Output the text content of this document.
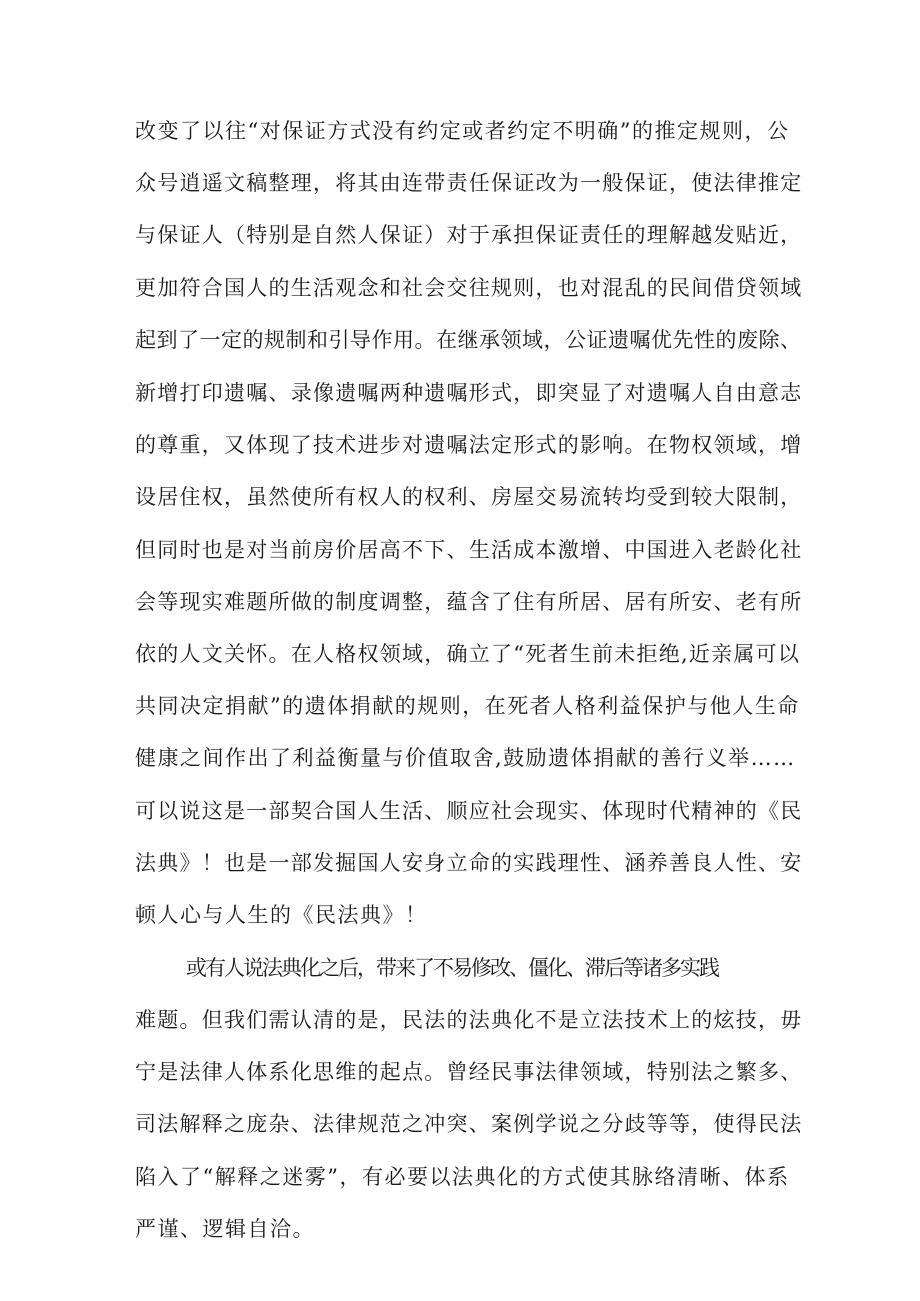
改变了以往“对保证方式没有约定或者约定不明确”的推定规则，公
众号逍遥文稿整理，将其由连带责任保证改为一般保证，使法律推定
与保证人（特别是自然人保证）对于承担保证责任的理解越发贴近，
更加符合国人的生活观念和社会交往规则，也对混乱的民间借贷领域
起到了一定的规制和引导作用。在继承领域，公证遗嘱优先性的废除、
新增打印遗嘱、录像遗嘱两种遗嘱形式，即突显了对遗嘱人自由意志
的尊重，又体现了技术进步对遗嘱法定形式的影响。在物权领域，增
设居住权，虽然使所有权人的权利、房屋交易流转均受到较大限制，
但同时也是对当前房价居高不下、生活成本激增、中国进入老龄化社
会等现实难题所做的制度调整，蕴含了住有所居、居有所安、老有所
依的人文关怀。在人格权领域，确立了“死者生前未拒绝,近亲属可以
共同决定捐献”的遗体捐献的规则，在死者人格利益保护与他人生命
健康之间作出了利益衡量与价值取舍,鼓励遗体捐献的善行义举……
可以说这是一部契合国人生活、顺应社会现实、体现时代精神的《民
法典》！也是一部发掘国人安身立命的实践理性、涵养善良人性、安
顿人心与人生的《民法典》！
或有人说法典化之后，带来了不易修改、僵化、滞后等诸多实践
难题。但我们需认清的是，民法的法典化不是立法技术上的炫技，毋
宁是法律人体系化思维的起点。曾经民事法律领域，特别法之繁多、
司法解释之庞杂、法律规范之冲突、案例学说之分歧等等，使得民法
陷入了“解释之迷雾”，有必要以法典化的方式使其脉络清晰、体系
严谨、逻辑自洽。
